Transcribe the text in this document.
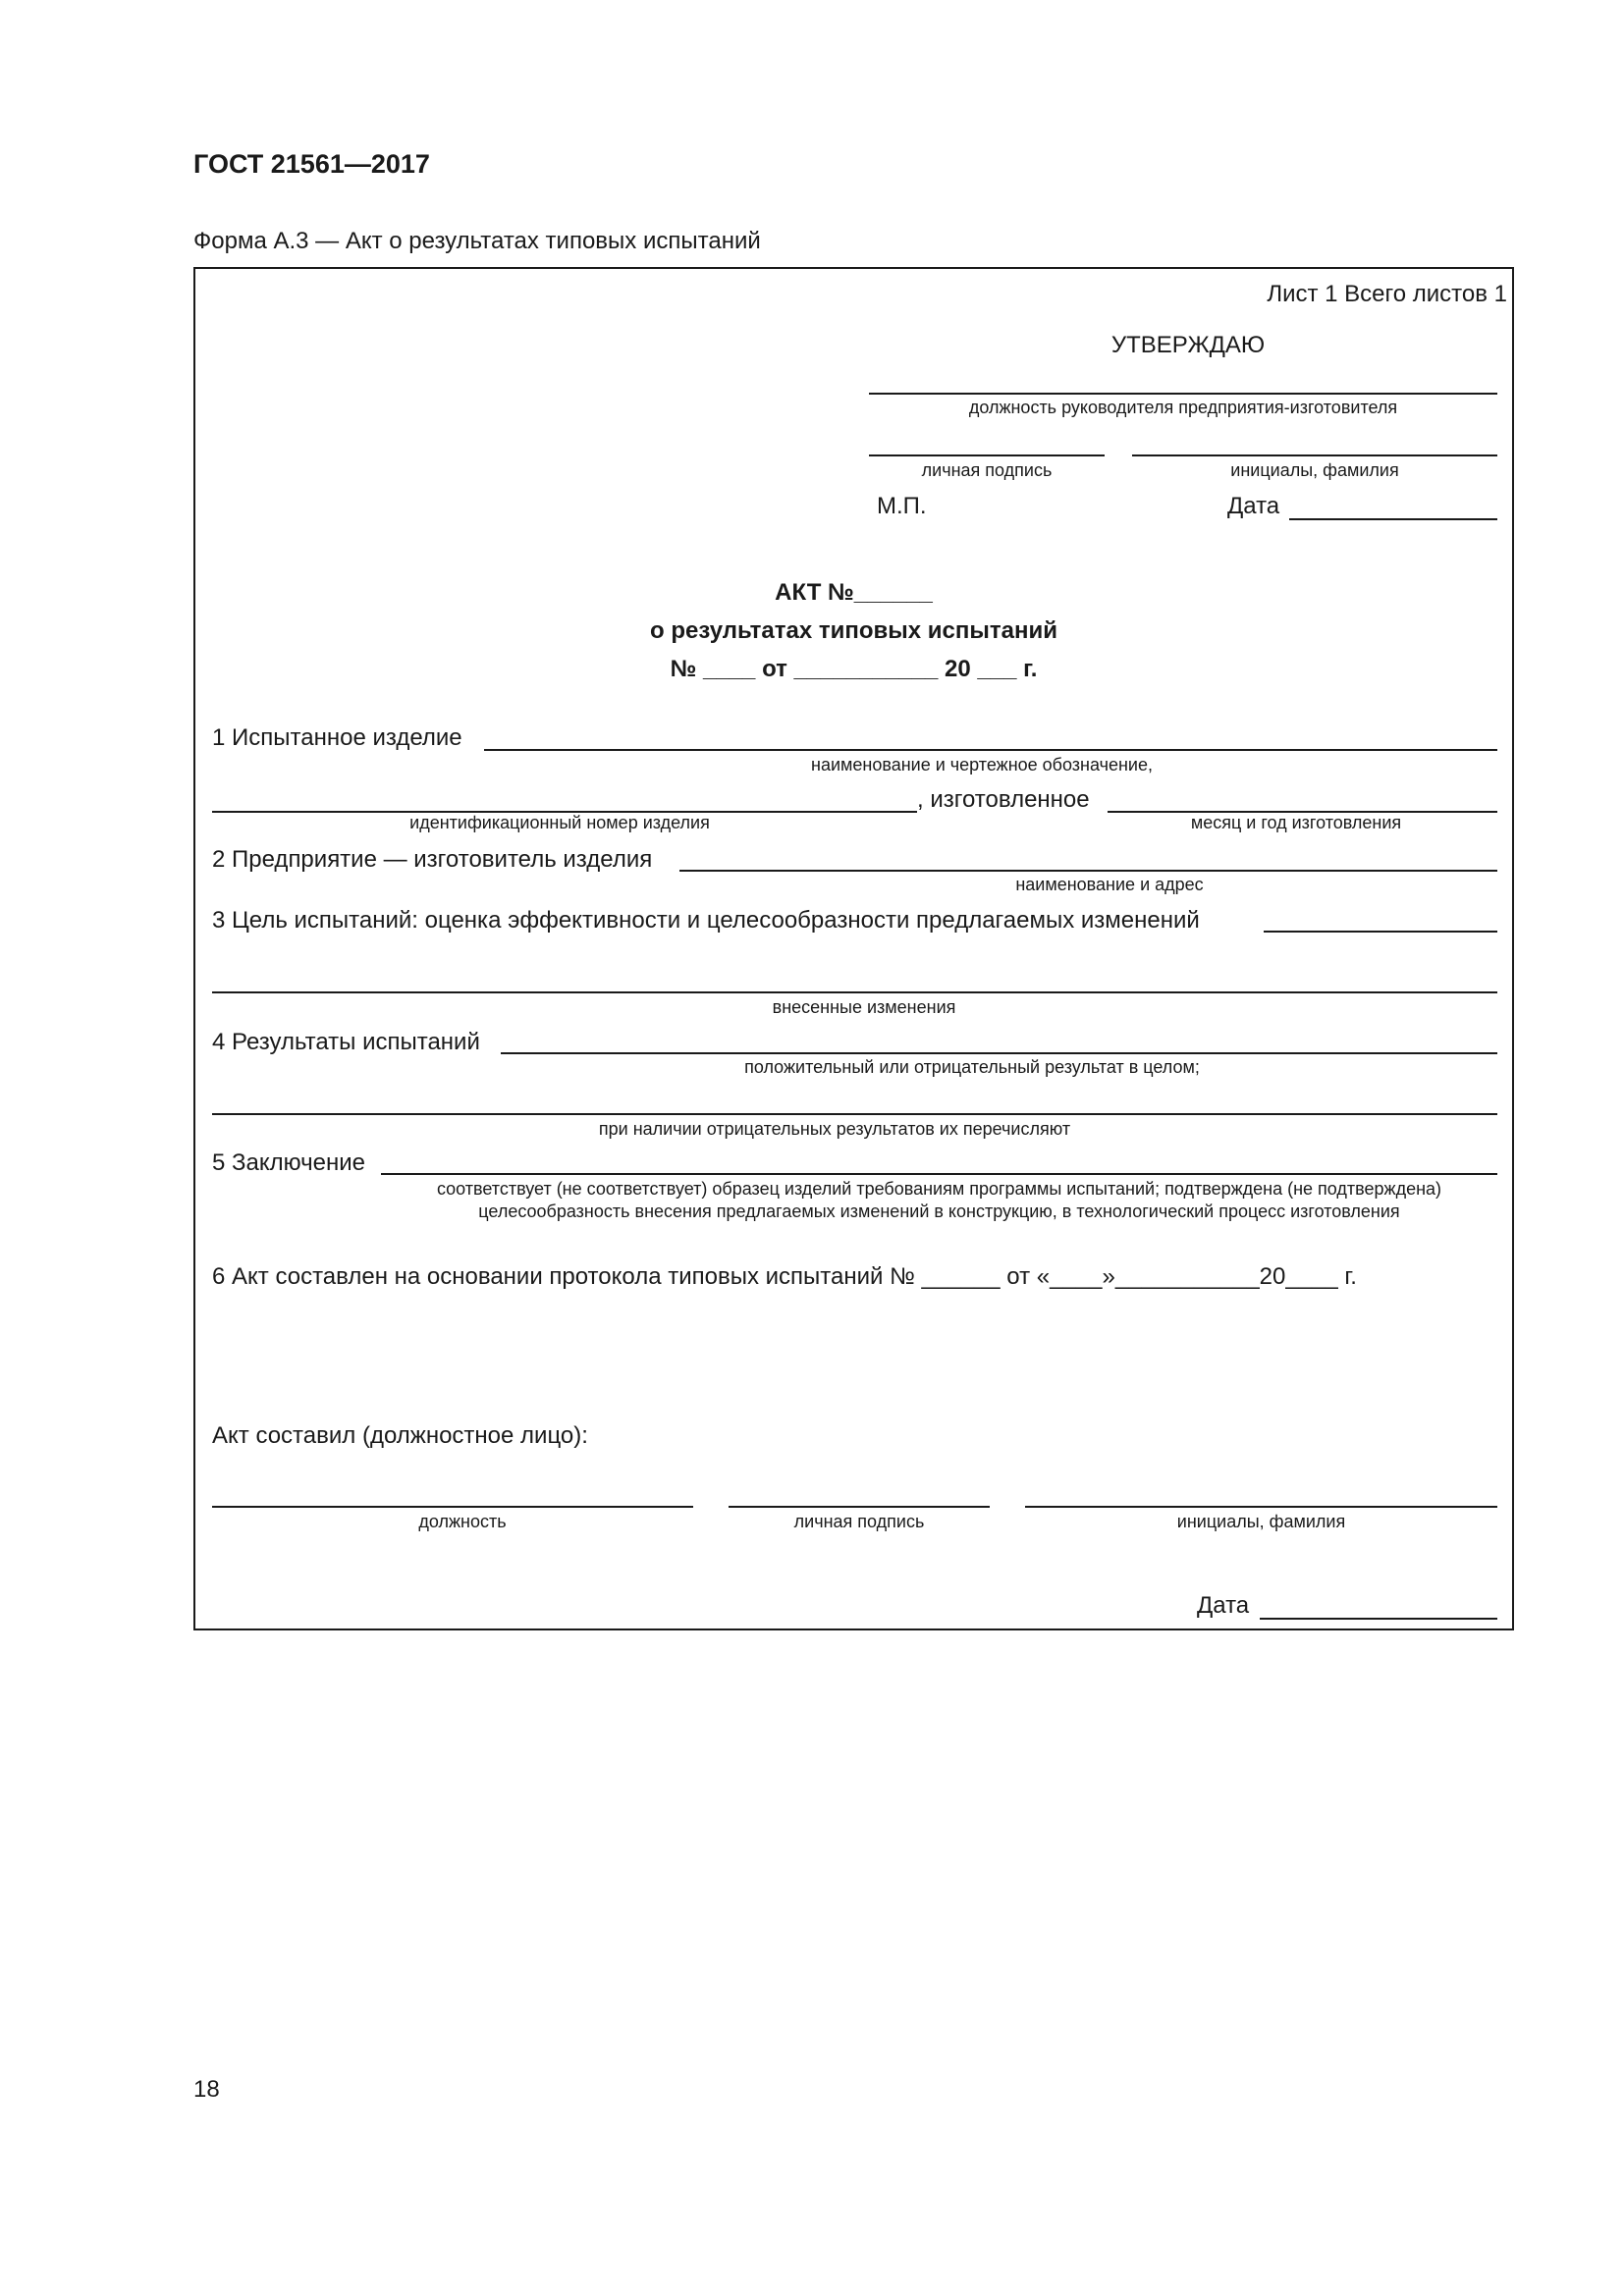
ГОСТ 21561—2017
Форма А.3 — Акт о результатах типовых испытаний
Лист 1 Всего листов 1
УТВЕРЖДАЮ
должность руководителя предприятия-изготовителя
личная подпись	инициалы, фамилия
М.П.	Дата
АКТ №______
о результатах типовых испытаний
№ ____ от ___________ 20 ___ г.
1 Испытанное изделие
наименование и чертежное обозначение,
, изготовленное
идентификационный номер изделия	месяц и год изготовления
2 Предприятие — изготовитель изделия
наименование и адрес
3 Цель испытаний: оценка эффективности и целесообразности предлагаемых изменений
внесенные изменения
4 Результаты испытаний
положительный или отрицательный результат в целом;
при наличии отрицательных результатов их перечисляют
5 Заключение
соответствует (не соответствует) образец изделий требованиям программы испытаний; подтверждена (не подтверждена)
целесообразность внесения предлагаемых изменений в конструкцию, в технологический процесс изготовления
6 Акт составлен на основании протокола типовых испытаний № ______ от «____»___________20____ г.
Акт составил (должностное лицо):
должность	личная подпись	инициалы, фамилия
Дата
18
